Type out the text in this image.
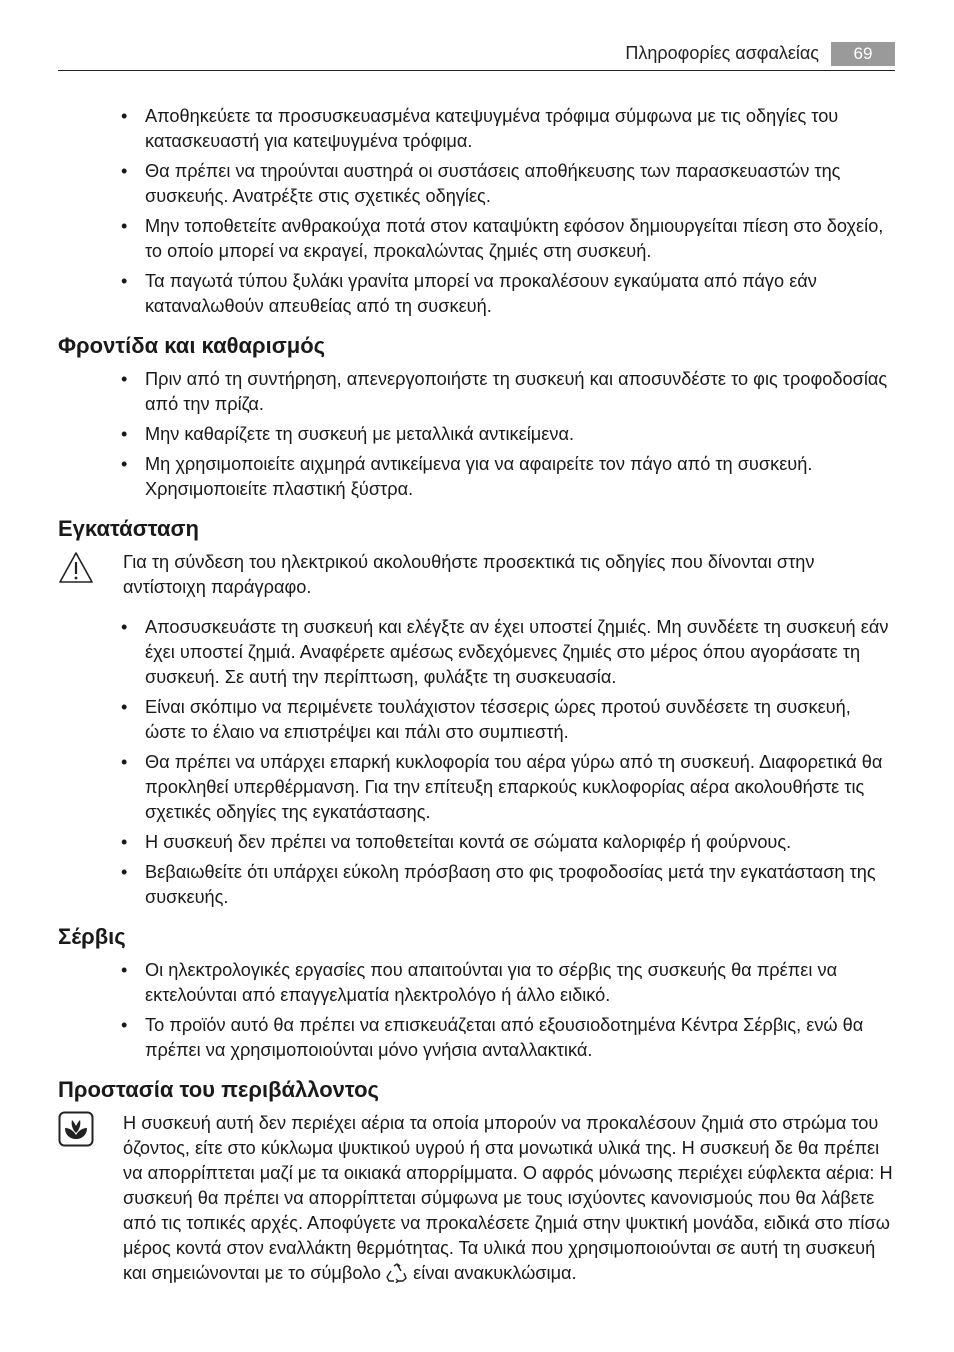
Πληροφορίες ασφαλείας	69
• Αποθηκεύετε τα προσυσκευασμένα κατεψυγμένα τρόφιμα σύμφωνα με τις οδηγίες του κατασκευαστή για κατεψυγμένα τρόφιμα.
• Θα πρέπει να τηρούνται αυστηρά οι συστάσεις αποθήκευσης των παρασκευαστών της συσκευής. Ανατρέξτε στις σχετικές οδηγίες.
• Μην τοποθετείτε ανθρακούχα ποτά στον καταψύκτη εφόσον δημιουργείται πίεση στο δοχείο, το οποίο μπορεί να εκραγεί, προκαλώντας ζημιές στη συσκευή.
• Τα παγωτά τύπου ξυλάκι γρανίτα μπορεί να προκαλέσουν εγκαύματα από πάγο εάν καταναλωθούν απευθείας από τη συσκευή.
Φροντίδα και καθαρισμός
• Πριν από τη συντήρηση, απενεργοποιήστε τη συσκευή και αποσυνδέστε το φις τροφοδοσίας από την πρίζα.
• Μην καθαρίζετε τη συσκευή με μεταλλικά αντικείμενα.
• Μη χρησιμοποιείτε αιχμηρά αντικείμενα για να αφαιρείτε τον πάγο από τη συσκευή. Χρησιμοποιείτε πλαστική ξύστρα.
Εγκατάσταση
Για τη σύνδεση του ηλεκτρικού ακολουθήστε προσεκτικά τις οδηγίες που δίνονται στην αντίστοιχη παράγραφο.
• Αποσυσκευάστε τη συσκευή και ελέγξτε αν έχει υποστεί ζημιές. Μη συνδέετε τη συσκευή εάν έχει υποστεί ζημιά. Αναφέρετε αμέσως ενδεχόμενες ζημιές στο μέρος όπου αγοράσατε τη συσκευή. Σε αυτή την περίπτωση, φυλάξτε τη συσκευασία.
• Είναι σκόπιμο να περιμένετε τουλάχιστον τέσσερις ώρες προτού συνδέσετε τη συσκευή, ώστε το έλαιο να επιστρέψει και πάλι στο συμπιεστή.
• Θα πρέπει να υπάρχει επαρκή κυκλοφορία του αέρα γύρω από τη συσκευή. Διαφορετικά θα προκληθεί υπερθέρμανση. Για την επίτευξη επαρκούς κυκλοφορίας αέρα ακολουθήστε τις σχετικές οδηγίες της εγκατάστασης.
• Η συσκευή δεν πρέπει να τοποθετείται κοντά σε σώματα καλοριφέρ ή φούρνους.
• Βεβαιωθείτε ότι υπάρχει εύκολη πρόσβαση στο φις τροφοδοσίας μετά την εγκατάσταση της συσκευής.
Σέρβις
• Οι ηλεκτρολογικές εργασίες που απαιτούνται για το σέρβις της συσκευής θα πρέπει να εκτελούνται από επαγγελματία ηλεκτρολόγο ή άλλο ειδικό.
• Το προϊόν αυτό θα πρέπει να επισκευάζεται από εξουσιοδοτημένα Κέντρα Σέρβις, ενώ θα πρέπει να χρησιμοποιούνται μόνο γνήσια ανταλλακτικά.
Προστασία του περιβάλλοντος
Η συσκευή αυτή δεν περιέχει αέρια τα οποία μπορούν να προκαλέσουν ζημιά στο στρώμα του όζοντος, είτε στο κύκλωμα ψυκτικού υγρού ή στα μονωτικά υλικά της. Η συσκευή δε θα πρέπει να απορρίπτεται μαζί με τα οικιακά απορρίμματα. Ο αφρός μόνωσης περιέχει εύφλεκτα αέρια: Η συσκευή θα πρέπει να απορρίπτεται σύμφωνα με τους ισχύοντες κανονισμούς που θα λάβετε από τις τοπικές αρχές. Αποφύγετε να προκαλέσετε ζημιά στην ψυκτική μονάδα, ειδικά στο πίσω μέρος κοντά στον εναλλάκτη θερμότητας. Τα υλικά που χρησιμοποιούνται σε αυτή τη συσκευή και σημειώνονται με το σύμβολο είναι ανακυκλώσιμα.
